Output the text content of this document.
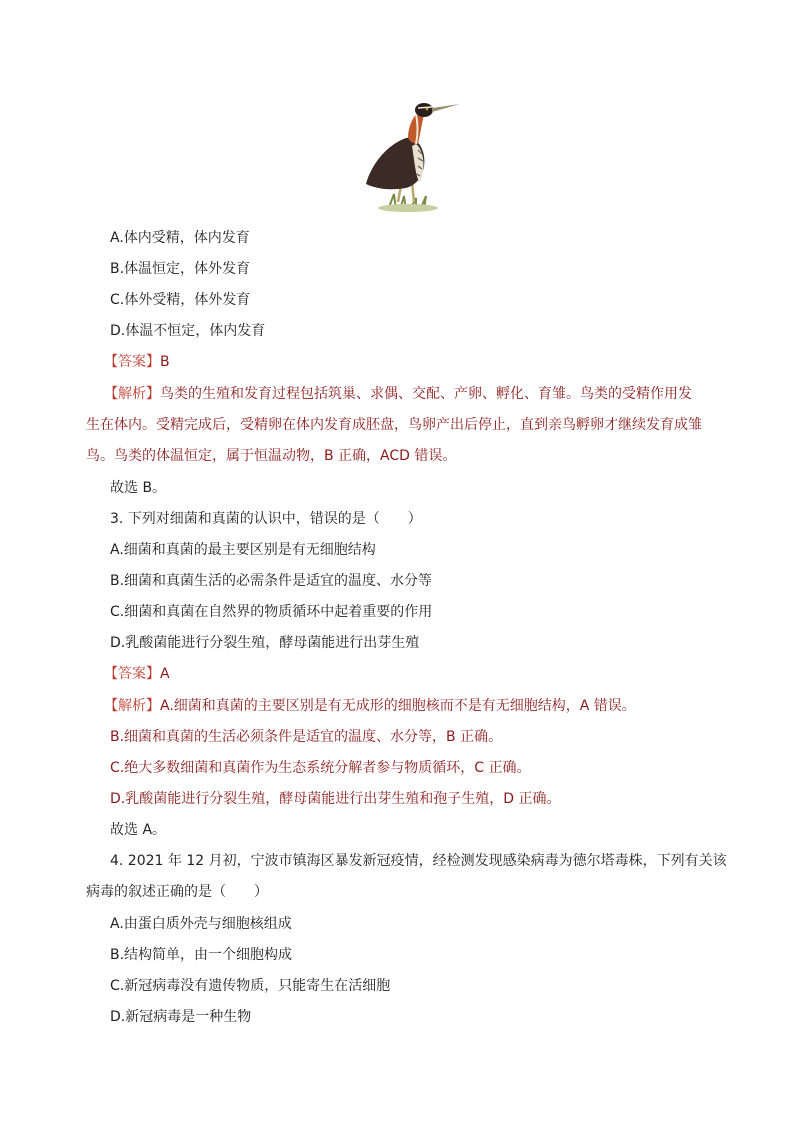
A.体内受精，体内发育
B.体温恒定，体外发育
C.体外受精，体外发育
D.体温不恒定，体内发育
【答案】B
【解析】鸟类的生殖和发育过程包括筑巢、求偶、交配、产卵、孵化、育雏。鸟类的受精作用发
生在体内。受精完成后，受精卵在体内发育成胚盘，鸟卵产出后停止，直到亲鸟孵卵才继续发育成雏
鸟。鸟类的体温恒定，属于恒温动物，B 正确，ACD 错误。
故选 B。
3. 下列对细菌和真菌的认识中，错误的是（　　）
A.细菌和真菌的最主要区别是有无细胞结构
B.细菌和真菌生活的必需条件是适宜的温度、水分等
C.细菌和真菌在自然界的物质循环中起着重要的作用
D.乳酸菌能进行分裂生殖，酵母菌能进行出芽生殖
【答案】A
【解析】A.细菌和真菌的主要区别是有无成形的细胞核而不是有无细胞结构，A 错误。
B.细菌和真菌的生活必须条件是适宜的温度、水分等，B 正确。
C.绝大多数细菌和真菌作为生态系统分解者参与物质循环，C 正确。
D.乳酸菌能进行分裂生殖，酵母菌能进行出芽生殖和孢子生殖，D 正确。
故选 A。
4. 2021 年 12 月初，宁波市镇海区暴发新冠疫情，经检测发现感染病毒为德尔塔毒株，下列有关该
病毒的叙述正确的是（　　）
A.由蛋白质外壳与细胞核组成
B.结构简单，由一个细胞构成
C.新冠病毒没有遗传物质，只能寄生在活细胞
D.新冠病毒是一种生物
